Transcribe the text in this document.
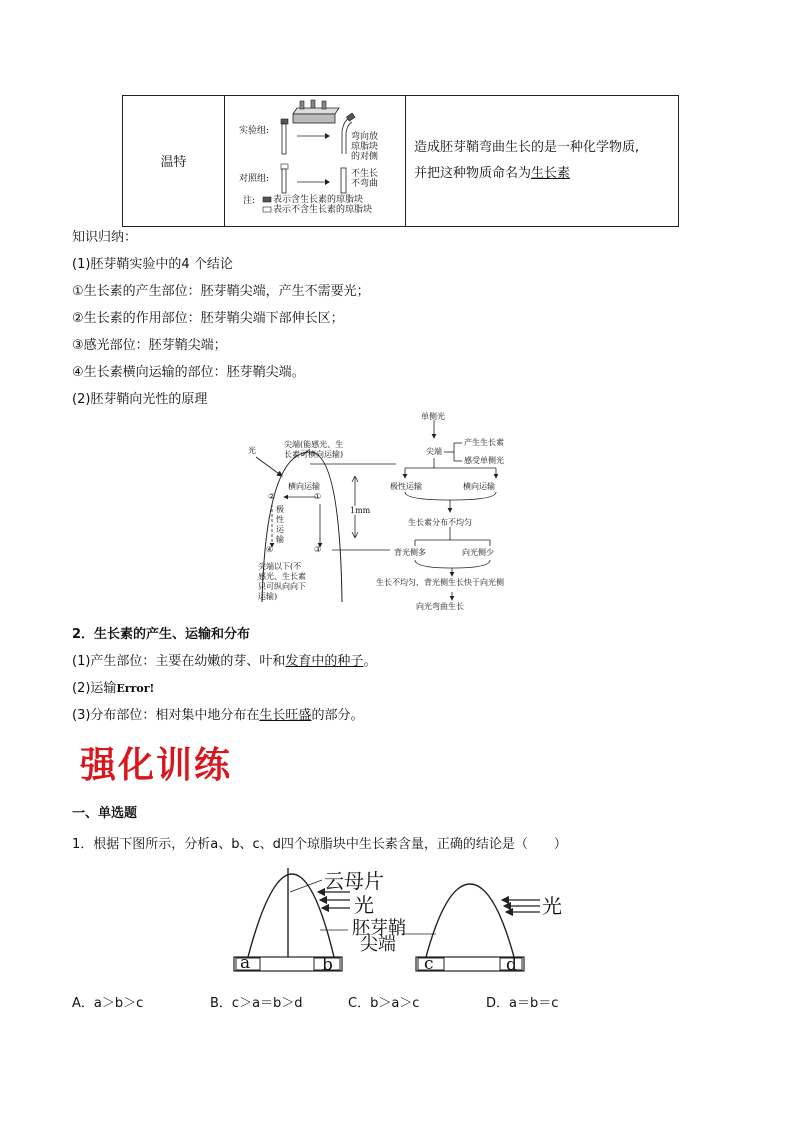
温特	
实验组:
弯向放
琼脂块
的对侧
对照组:	不生长
不弯曲
注: 表示含生长素的琼脂块
表示不含生长素的琼脂块

造成胚芽鞘弯曲生长的是一种化学物质,
并把这种物质命名为生长素
知识归纳：
(1)胚芽鞘实验中的4 个结论
①生长素的产生部位：胚芽鞘尖端，产生不需要光；
②生长素的作用部位：胚芽鞘尖端下部伸长区；
③感光部位：胚芽鞘尖端；
④生长素横向运输的部位：胚芽鞘尖端。
(2)胚芽鞘向光性的原理
光
尖端(能感光、生
长素可横向运输)
横向运输
①
②
③
④
极
性
运
输
1mm
尖端以下(不
感光、生长素
只可纵向向下
运输)
单侧光
尖端
产生生长素
感受单侧光
极性运输	横向运输
生长素分布不均匀
背光侧多	向光侧少
生长不均匀，背光侧生长快于向光侧
向光弯曲生长
2．生长素的产生、运输和分布
(1)产生部位：主要在幼嫩的芽、叶和发育中的种子。
(2)运输Error!
(3)分布部位：相对集中地分布在生长旺盛的部分。
强化训练
一、单选题
1．根据下图所示，分析a、b、c、d四个琼脂块中生长素含量，正确的结论是（　　）
云母片
光	光
胚芽鞘
尖端
a	b	c	d
A．a＞b＞c	B．c＞a＝b＞d	C．b＞a＞c	D．a＝b＝c
